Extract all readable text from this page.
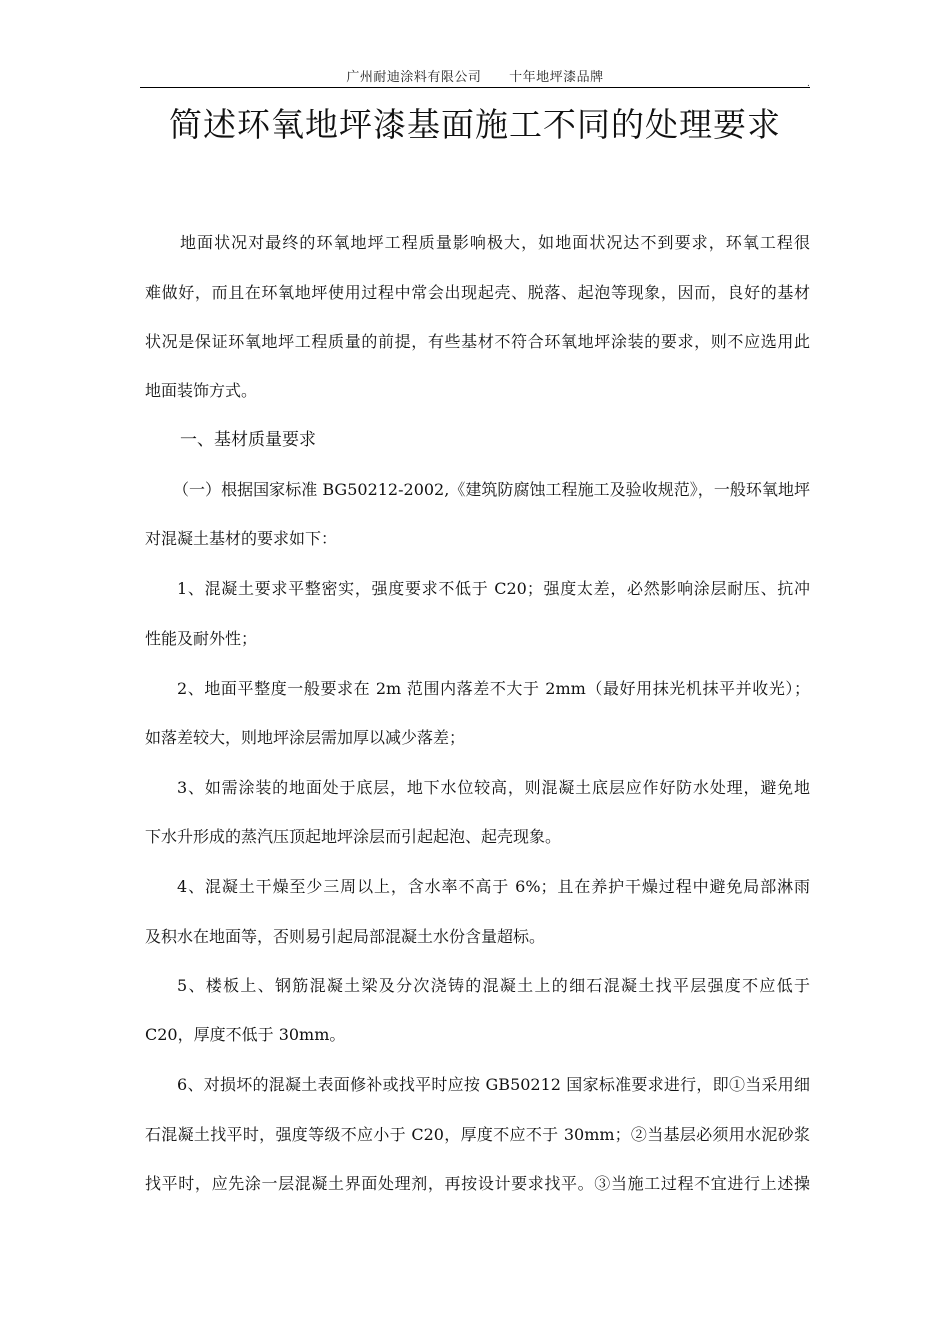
广州耐迪涂料有限公司 十年地坪漆品牌	.
简述环氧地坪漆基面施工不同的处理要求
地面状况对最终的环氧地坪工程质量影响极大，如地面状况达不到要求，环氧工程很
难做好，而且在环氧地坪使用过程中常会出现起壳、脱落、起泡等现象，因而，良好的基材
状况是保证环氧地坪工程质量的前提，有些基材不符合环氧地坪涂装的要求，则不应选用此
地面装饰方式。
一、基材质量要求
（一）根据国家标准 BG50212-2002,《建筑防腐蚀工程施工及验收规范》，一般环氧地坪
对混凝土基材的要求如下：
1、混凝土要求平整密实，强度要求不低于 C20；强度太差，必然影响涂层耐压、抗冲
性能及耐外性；
2、地面平整度一般要求在 2m 范围内落差不大于 2mm（最好用抹光机抹平并收光）；
如落差较大，则地坪涂层需加厚以减少落差；
3、如需涂装的地面处于底层，地下水位较高，则混凝土底层应作好防水处理，避免地
下水升形成的蒸汽压顶起地坪涂层而引起起泡、起壳现象。
4、混凝土干燥至少三周以上，含水率不高于 6%；且在养护干燥过程中避免局部淋雨
及积水在地面等，否则易引起局部混凝土水份含量超标。
5、楼板上、钢筋混凝土梁及分次浇铸的混凝土上的细石混凝土找平层强度不应低于
C20，厚度不低于 30mm。
6、对损坏的混凝土表面修补或找平时应按 GB50212 国家标准要求进行，即①当采用细
石混凝土找平时，强度等级不应小于 C20，厚度不应不于 30mm；②当基层必须用水泥砂浆
找平时，应先涂一层混凝土界面处理剂，再按设计要求找平。③当施工过程不宜进行上述操
